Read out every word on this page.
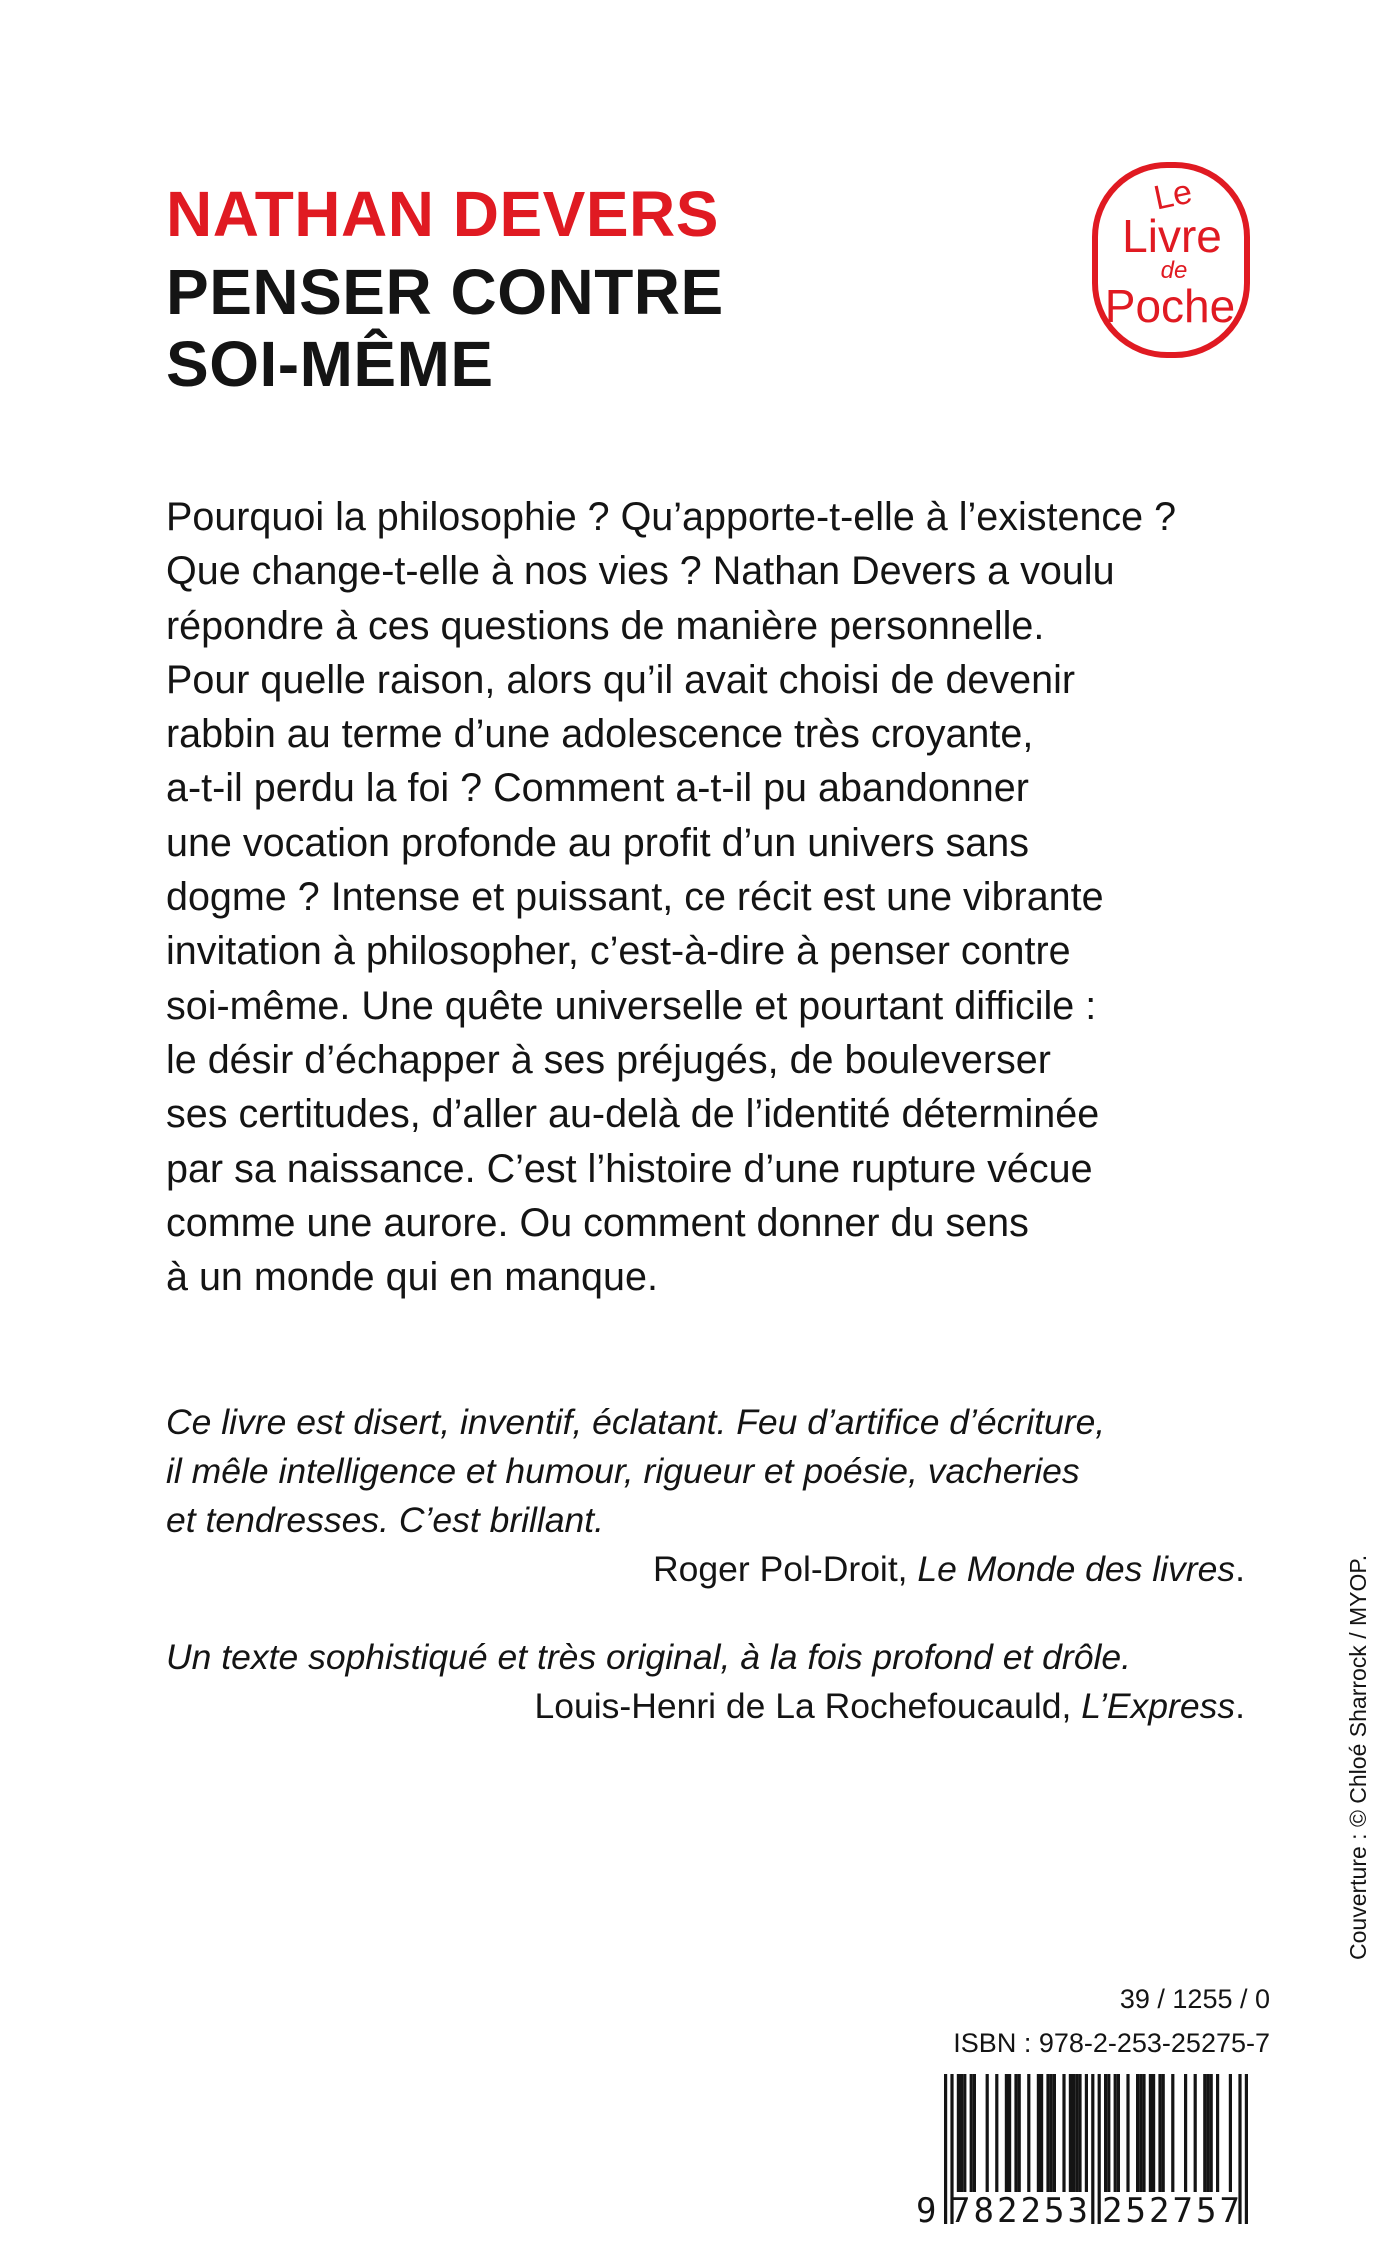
NATHAN DEVERS
PENSER CONTRE
SOI-MÊME
Le
Livre
de
Poche
Pourquoi la philosophie ? Qu’apporte-t-elle à l’existence ?
Que change-t-elle à nos vies ? Nathan Devers a voulu
répondre à ces questions de manière personnelle.
Pour quelle raison, alors qu’il avait choisi de devenir
rabbin au terme d’une adolescence très croyante,
a-t-il perdu la foi ? Comment a-t-il pu abandonner
une vocation profonde au profit d’un univers sans
dogme ? Intense et puissant, ce récit est une vibrante
invitation à philosopher, c’est-à-dire à penser contre
soi-même. Une quête universelle et pourtant difficile :
le désir d’échapper à ses préjugés, de bouleverser
ses certitudes, d’aller au-delà de l’identité déterminée
par sa naissance. C’est l’histoire d’une rupture vécue
comme une aurore. Ou comment donner du sens
à un monde qui en manque.
Ce livre est disert, inventif, éclatant. Feu d’artifice d’écriture,
il mêle intelligence et humour, rigueur et poésie, vacheries
et tendresses. C’est brillant.
Roger Pol-Droit, Le Monde des livres.
Un texte sophistiqué et très original, à la fois profond et drôle.
Louis-Henri de La Rochefoucauld, L’Express.	Couverture : © Chloé Sharrock / MYOP.
39 / 1255 / 0
ISBN : 978-2-253-25275-7
9 782253 252757
